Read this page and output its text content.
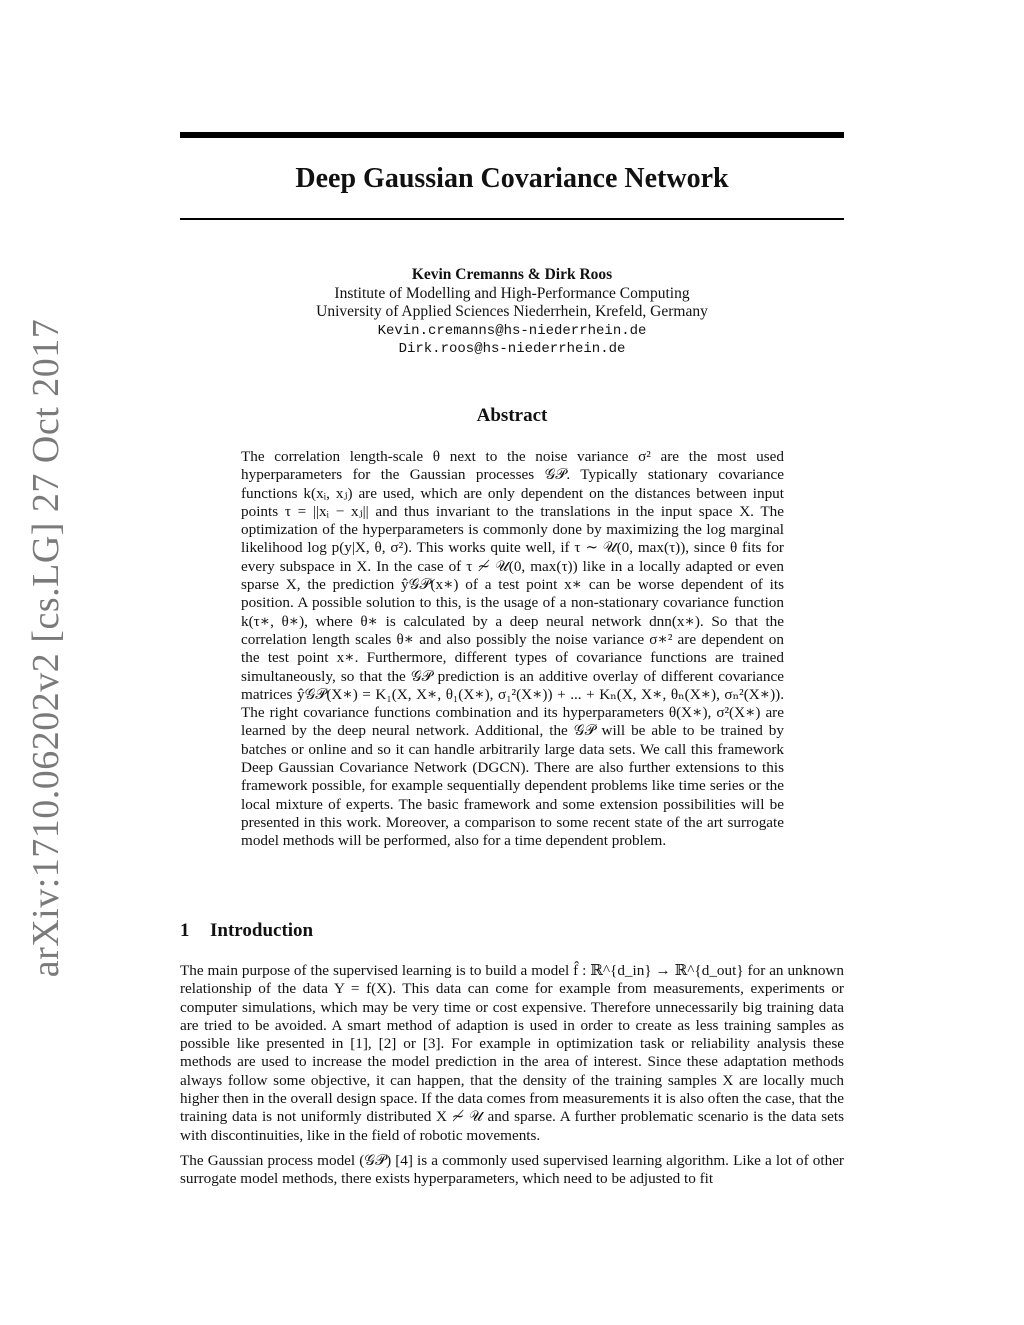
Deep Gaussian Covariance Network
arXiv:1710.06202v2 [cs.LG] 27 Oct 2017
Kevin Cremanns & Dirk Roos
Institute of Modelling and High-Performance Computing
University of Applied Sciences Niederrhein, Krefeld, Germany
Kevin.cremanns@hs-niederrhein.de
Dirk.roos@hs-niederrhein.de
Abstract

The correlation length-scale θ next to the noise variance σ² are the most used hyperparameters for the Gaussian processes 𝒢𝒫. Typically stationary covariance functions k(xᵢ, xⱼ) are used, which are only dependent on the distances between input points τ = ||xᵢ − xⱼ|| and thus invariant to the translations in the input space X. The optimization of the hyperparameters is commonly done by maximizing the log marginal likelihood log p(y|X, θ, σ²). This works quite well, if τ ∼ 𝒰(0, max(τ)), since θ fits for every subspace in X. In the case of τ ≁ 𝒰(0, max(τ)) like in a locally adapted or even sparse X, the prediction ŷ𝒢𝒫(x∗) of a test point x∗ can be worse dependent of its position. A possible solution to this, is the usage of a non-stationary covariance function k(τ∗, θ∗), where θ∗ is calculated by a deep neural network dnn(x∗). So that the correlation length scales θ∗ and also possibly the noise variance σ∗² are dependent on the test point x∗. Furthermore, different types of covariance functions are trained simultaneously, so that the 𝒢𝒫 prediction is an additive overlay of different covariance matrices ŷ𝒢𝒫(X∗) = K₁(X, X∗, θ₁(X∗), σ₁²(X∗)) + ... + Kₙ(X, X∗, θₙ(X∗), σₙ²(X∗)). The right covariance functions combination and its hyperparameters θ(X∗), σ²(X∗) are learned by the deep neural network. Additional, the 𝒢𝒫 will be able to be trained by batches or online and so it can handle arbitrarily large data sets. We call this framework Deep Gaussian Covariance Network (DGCN). There are also further extensions to this framework possible, for example sequentially dependent problems like time series or the local mixture of experts. The basic framework and some extension possibilities will be presented in this work. Moreover, a comparison to some recent state of the art surrogate model methods will be performed, also for a time dependent problem.

1 Introduction

The main purpose of the supervised learning is to build a model f̂ : ℝ^{d_in} → ℝ^{d_out} for an unknown relationship of the data Y = f(X). This data can come for example from measurements, experiments or computer simulations, which may be very time or cost expensive. Therefore unnecessarily big training data are tried to be avoided. A smart method of adaption is used in order to create as less training samples as possible like presented in [1], [2] or [3]. For example in optimization task or reliability analysis these methods are used to increase the model prediction in the area of interest. Since these adaptation methods always follow some objective, it can happen, that the density of the training samples X are locally much higher then in the overall design space. If the data comes from measurements it is also often the case, that the training data is not uniformly distributed X ≁ 𝒰 and sparse. A further problematic scenario is the data sets with discontinuities, like in the field of robotic movements.

The Gaussian process model (𝒢𝒫) [4] is a commonly used supervised learning algorithm. Like a lot of other surrogate model methods, there exists hyperparameters, which need to be adjusted to fit
